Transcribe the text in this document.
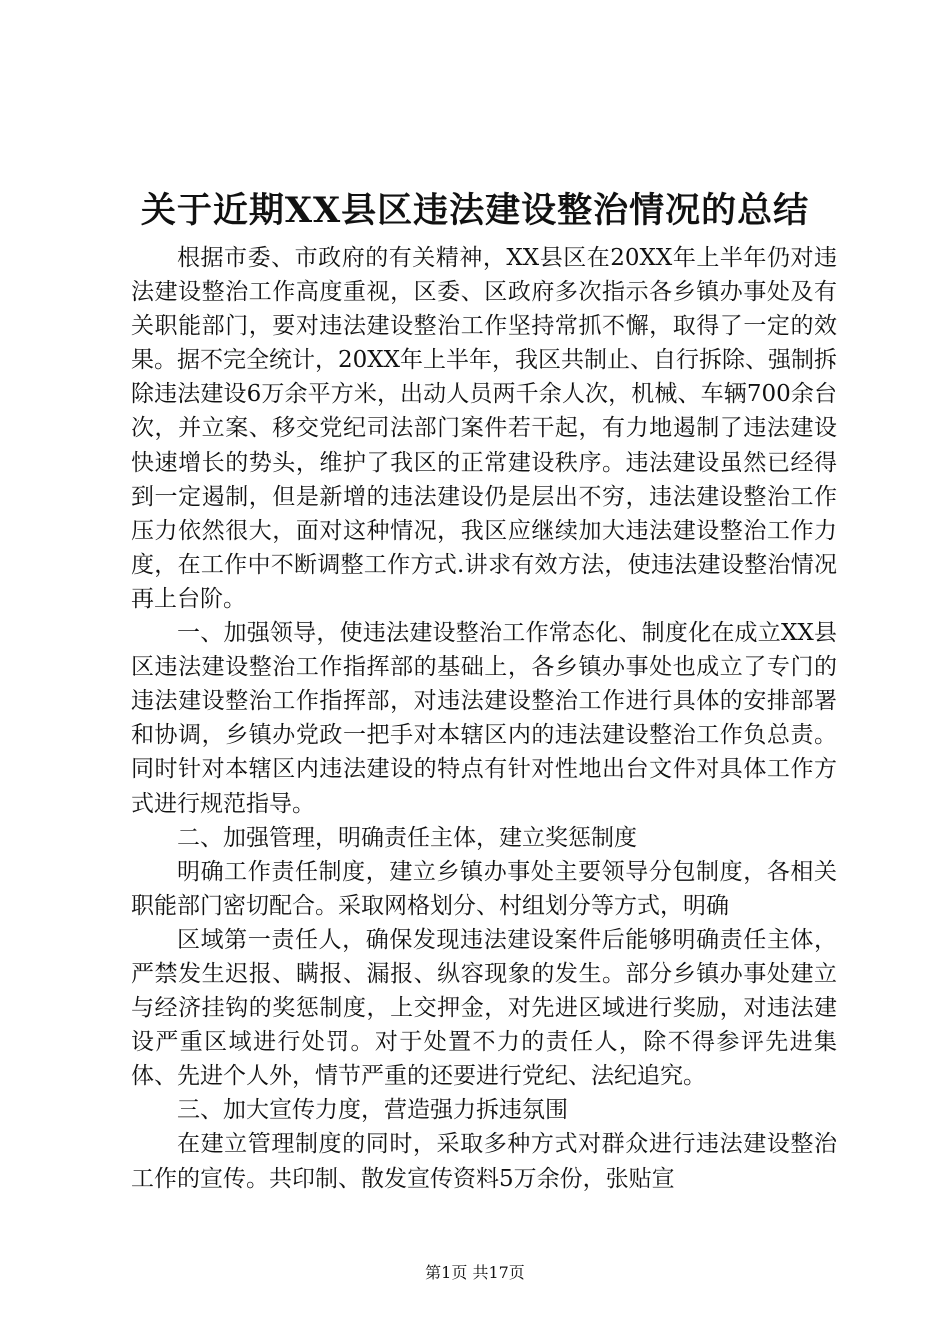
关于近期XX县区违法建设整治情况的总结

根据市委、市政府的有关精神，XX县区在20XX年上半年仍对违法建设整治工作高度重视，区委、区政府多次指示各乡镇办事处及有关职能部门，要对违法建设整治工作坚持常抓不懈，取得了一定的效果。据不完全统计，20XX年上半年，我区共制止、自行拆除、强制拆除违法建设6万余平方米，出动人员两千余人次，机械、车辆700余台次，并立案、移交党纪司法部门案件若干起，有力地遏制了违法建设快速增长的势头，维护了我区的正常建设秩序。违法建设虽然已经得到一定遏制，但是新增的违法建设仍是层出不穷，违法建设整治工作压力依然很大，面对这种情况，我区应继续加大违法建设整治工作力度，在工作中不断调整工作方式.讲求有效方法，使违法建设整治情况再上台阶。

一、加强领导，使违法建设整治工作常态化、制度化在成立XX县区违法建设整治工作指挥部的基础上，各乡镇办事处也成立了专门的违法建设整治工作指挥部，对违法建设整治工作进行具体的安排部署和协调，乡镇办党政一把手对本辖区内的违法建设整治工作负总责。同时针对本辖区内违法建设的特点有针对性地出台文件对具体工作方式进行规范指导。

二、加强管理，明确责任主体，建立奖惩制度

明确工作责任制度，建立乡镇办事处主要领导分包制度，各相关职能部门密切配合。采取网格划分、村组划分等方式，明确

区域第一责任人，确保发现违法建设案件后能够明确责任主体，严禁发生迟报、瞒报、漏报、纵容现象的发生。部分乡镇办事处建立与经济挂钩的奖惩制度，上交押金，对先进区域进行奖励，对违法建设严重区域进行处罚。对于处置不力的责任人，除不得参评先进集体、先进个人外，情节严重的还要进行党纪、法纪追究。

三、加大宣传力度，营造强力拆违氛围

在建立管理制度的同时，采取多种方式对群众进行违法建设整治工作的宣传。共印制、散发宣传资料5万余份，张贴宣

第1页 共17页
